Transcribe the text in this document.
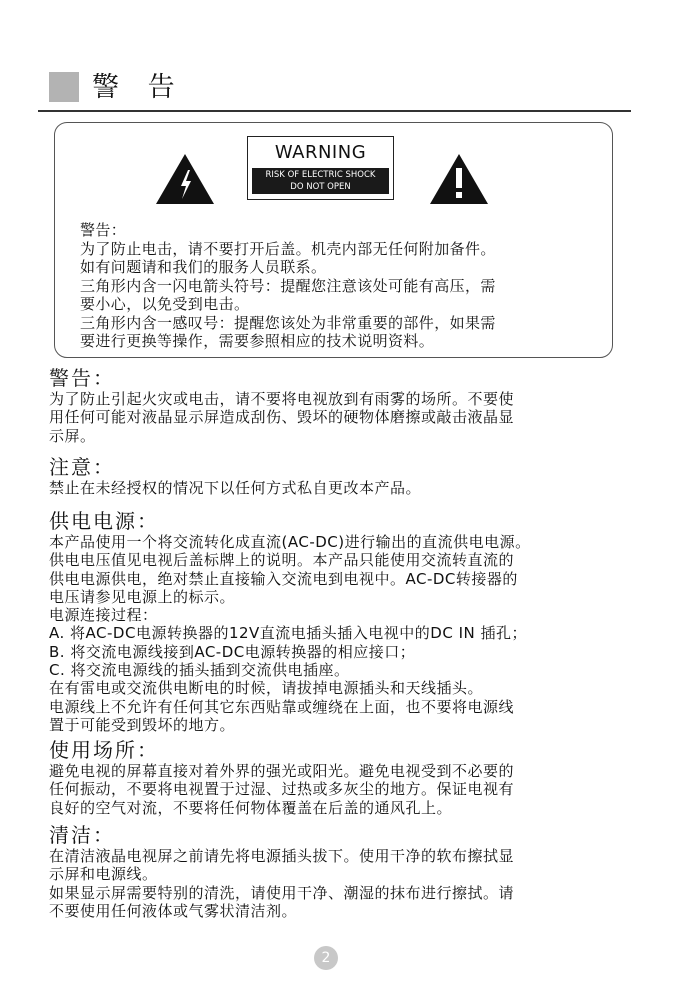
警 告
WARNING
RISK OF ELECTRIC SHOCK
DO NOT OPEN
警告：
为了防止电击，请不要打开后盖。机壳内部无任何附加备件。
如有问题请和我们的服务人员联系。
三角形内含一闪电箭头符号：提醒您注意该处可能有高压，需
要小心，以免受到电击。
三角形内含一感叹号：提醒您该处为非常重要的部件，如果需
要进行更换等操作，需要参照相应的技术说明资料。
警告：
为了防止引起火灾或电击，请不要将电视放到有雨雾的场所。不要使
用任何可能对液晶显示屏造成刮伤、毁坏的硬物体磨擦或敲击液晶显
示屏。
注意：
禁止在未经授权的情况下以任何方式私自更改本产品。
供电电源：
本产品使用一个将交流转化成直流(AC-DC)进行输出的直流供电电源。
供电电压值见电视后盖标牌上的说明。本产品只能使用交流转直流的
供电电源供电，绝对禁止直接输入交流电到电视中。AC-DC转接器的
电压请参见电源上的标示。
电源连接过程：
A. 将AC-DC电源转换器的12V直流电插头插入电视中的DC IN 插孔；
B. 将交流电源线接到AC-DC电源转换器的相应接口；
C. 将交流电源线的插头插到交流供电插座。
在有雷电或交流供电断电的时候，请拔掉电源插头和天线插头。
电源线上不允许有任何其它东西贴靠或缠绕在上面，也不要将电源线
置于可能受到毁坏的地方。
使用场所：
避免电视的屏幕直接对着外界的强光或阳光。避免电视受到不必要的
任何振动，不要将电视置于过湿、过热或多灰尘的地方。保证电视有
良好的空气对流，不要将任何物体覆盖在后盖的通风孔上。
清洁：
在清洁液晶电视屏之前请先将电源插头拔下。使用干净的软布擦拭显
示屏和电源线。
如果显示屏需要特别的清洗，请使用干净、潮湿的抹布进行擦拭。请
不要使用任何液体或气雾状清洁剂。
2
